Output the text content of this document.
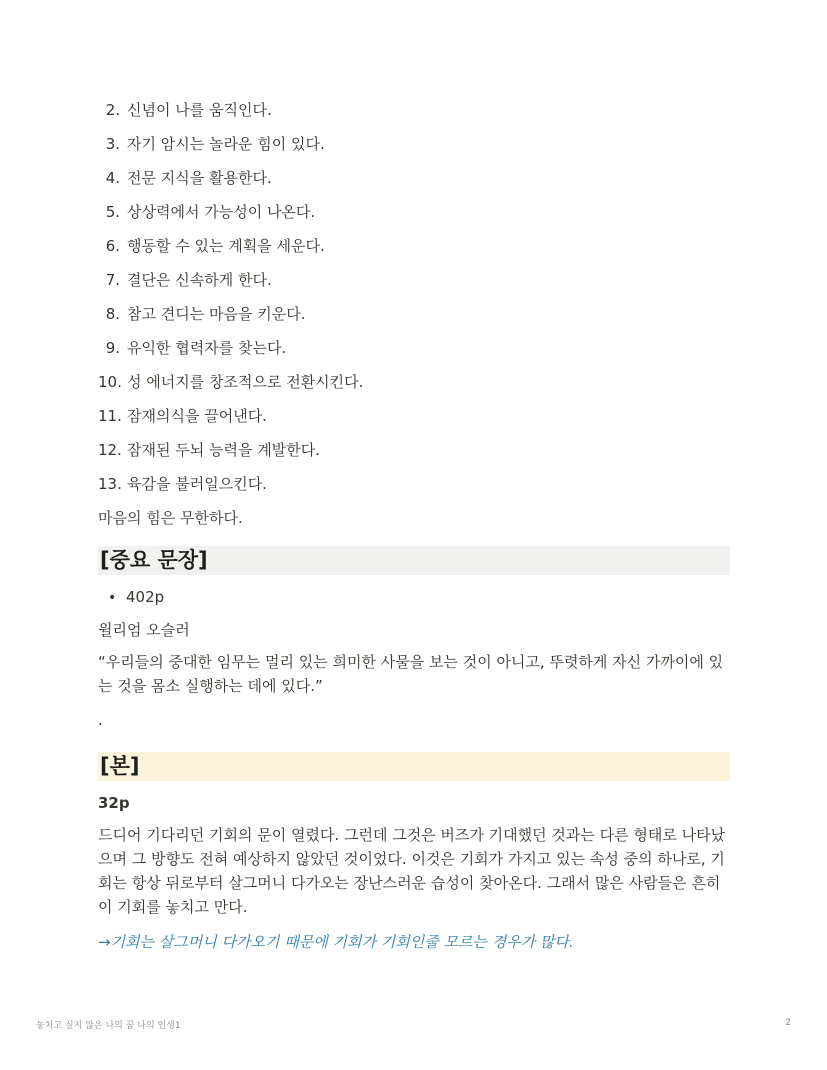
2. 신념이 나를 움직인다.
3. 자기 암시는 놀라운 힘이 있다.
4. 전문 지식을 활용한다.
5. 상상력에서 가능성이 나온다.
6. 행동할 수 있는 계획을 세운다.
7. 결단은 신속하게 한다.
8. 참고 견디는 마음을 키운다.
9. 유익한 협력자를 찾는다.
10. 성 에너지를 창조적으로 전환시킨다.
11. 잠재의식을 끌어낸다.
12. 잠재된 두뇌 능력을 계발한다.
13. 육감을 불러일으킨다.

마음의 힘은 무한하다.

[중요 문장]
• 402p

윌리엄 오슬러

“우리들의 중대한 임무는 멀리 있는 희미한 사물을 보는 것이 아니고, 뚜렷하게 자신 가까이에 있는 것을 몸소 실행하는 데에 있다.”

.

[본]

32p

드디어 기다리던 기회의 문이 열렸다. 그런데 그것은 버즈가 기대했던 것과는 다른 형태로 나타났으며 그 방향도 전혀 예상하지 않았던 것이었다. 이것은 기회가 가지고 있는 속성 중의 하나로, 기회는 항상 뒤로부터 살그머니 다가오는 장난스러운 습성이 찾아온다. 그래서 많은 사람들은 흔히 이 기회를 놓치고 만다.

→기회는 살그머니 다가오기 때문에 기회가 기회인줄 모르는 경우가 많다.

놓치고 싶지 않은 나의 꿈 나의 인생1	2
